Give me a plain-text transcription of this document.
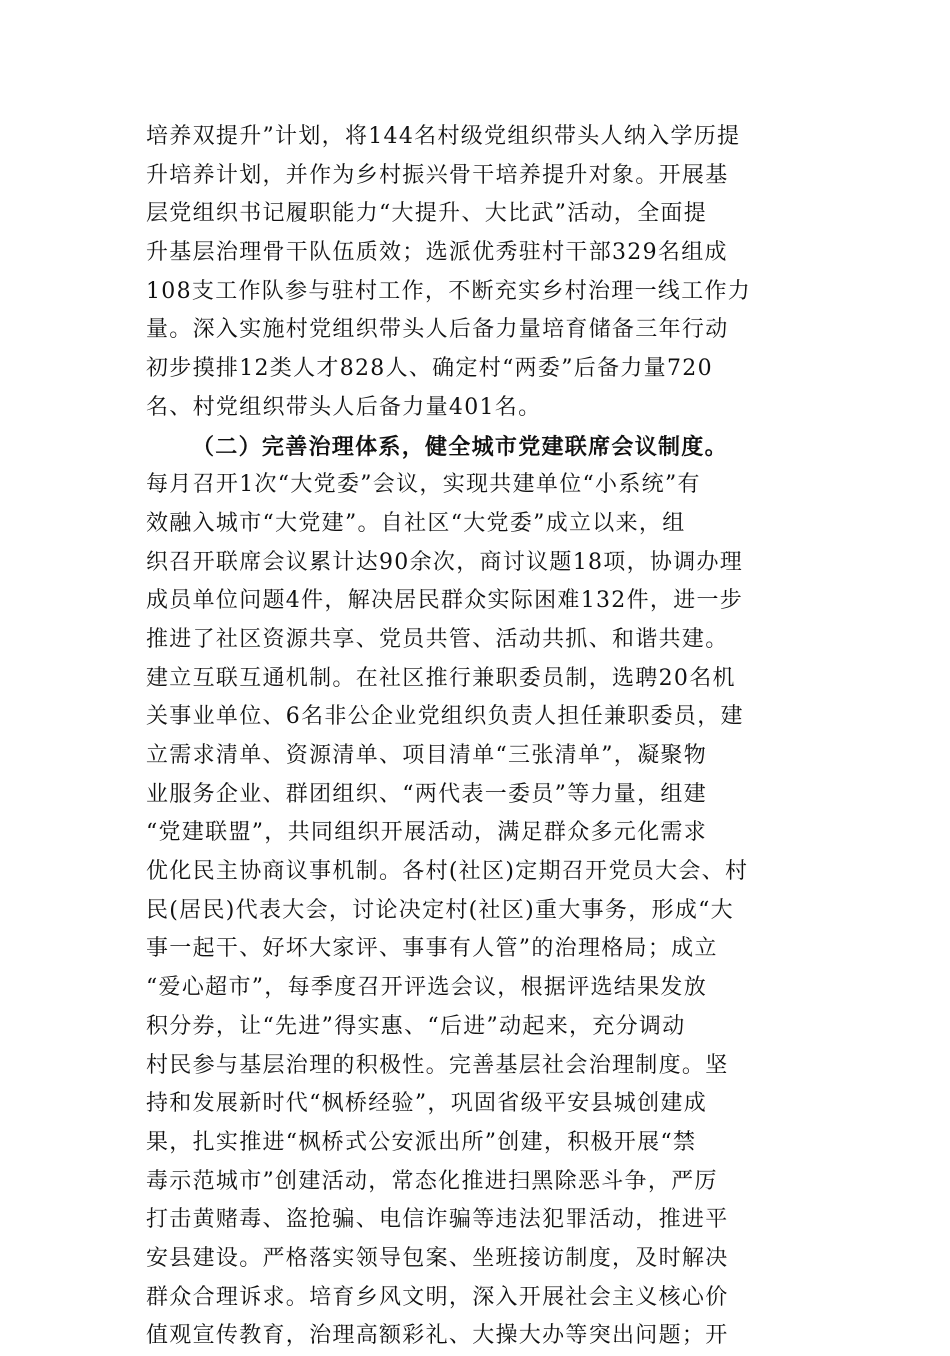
培养双提升”计划，将144名村级党组织带头人纳入学历提
升培养计划，并作为乡村振兴骨干培养提升对象。开展基
层党组织书记履职能力“大提升、大比武”活动，全面提
升基层治理骨干队伍质效；选派优秀驻村干部329名组成
108支工作队参与驻村工作，不断充实乡村治理一线工作力
量。深入实施村党组织带头人后备力量培育储备三年行动
初步摸排12类人才828人、确定村“两委”后备力量720
名、村党组织带头人后备力量401名。
（二）完善治理体系，健全城市党建联席会议制度。
每月召开1次“大党委”会议，实现共建单位“小系统”有
效融入城市“大党建”。自社区“大党委”成立以来，组
织召开联席会议累计达90余次，商讨议题18项，协调办理
成员单位问题4件，解决居民群众实际困难132件，进一步
推进了社区资源共享、党员共管、活动共抓、和谐共建。
建立互联互通机制。在社区推行兼职委员制，选聘20名机
关事业单位、6名非公企业党组织负责人担任兼职委员，建
立需求清单、资源清单、项目清单“三张清单”，凝聚物
业服务企业、群团组织、“两代表一委员”等力量，组建
“党建联盟”，共同组织开展活动，满足群众多元化需求
优化民主协商议事机制。各村(社区)定期召开党员大会、村
民(居民)代表大会，讨论决定村(社区)重大事务，形成“大
事一起干、好坏大家评、事事有人管”的治理格局；成立
“爱心超市”，每季度召开评选会议，根据评选结果发放
积分券，让“先进”得实惠、“后进”动起来，充分调动
村民参与基层治理的积极性。完善基层社会治理制度。坚
持和发展新时代“枫桥经验”，巩固省级平安县城创建成
果，扎实推进“枫桥式公安派出所”创建，积极开展“禁
毒示范城市”创建活动，常态化推进扫黑除恶斗争，严厉
打击黄赌毒、盗抢骗、电信诈骗等违法犯罪活动，推进平
安县建设。严格落实领导包案、坐班接访制度，及时解决
群众合理诉求。培育乡风文明，深入开展社会主义核心价
值观宣传教育，治理高额彩礼、大操大办等突出问题；开
